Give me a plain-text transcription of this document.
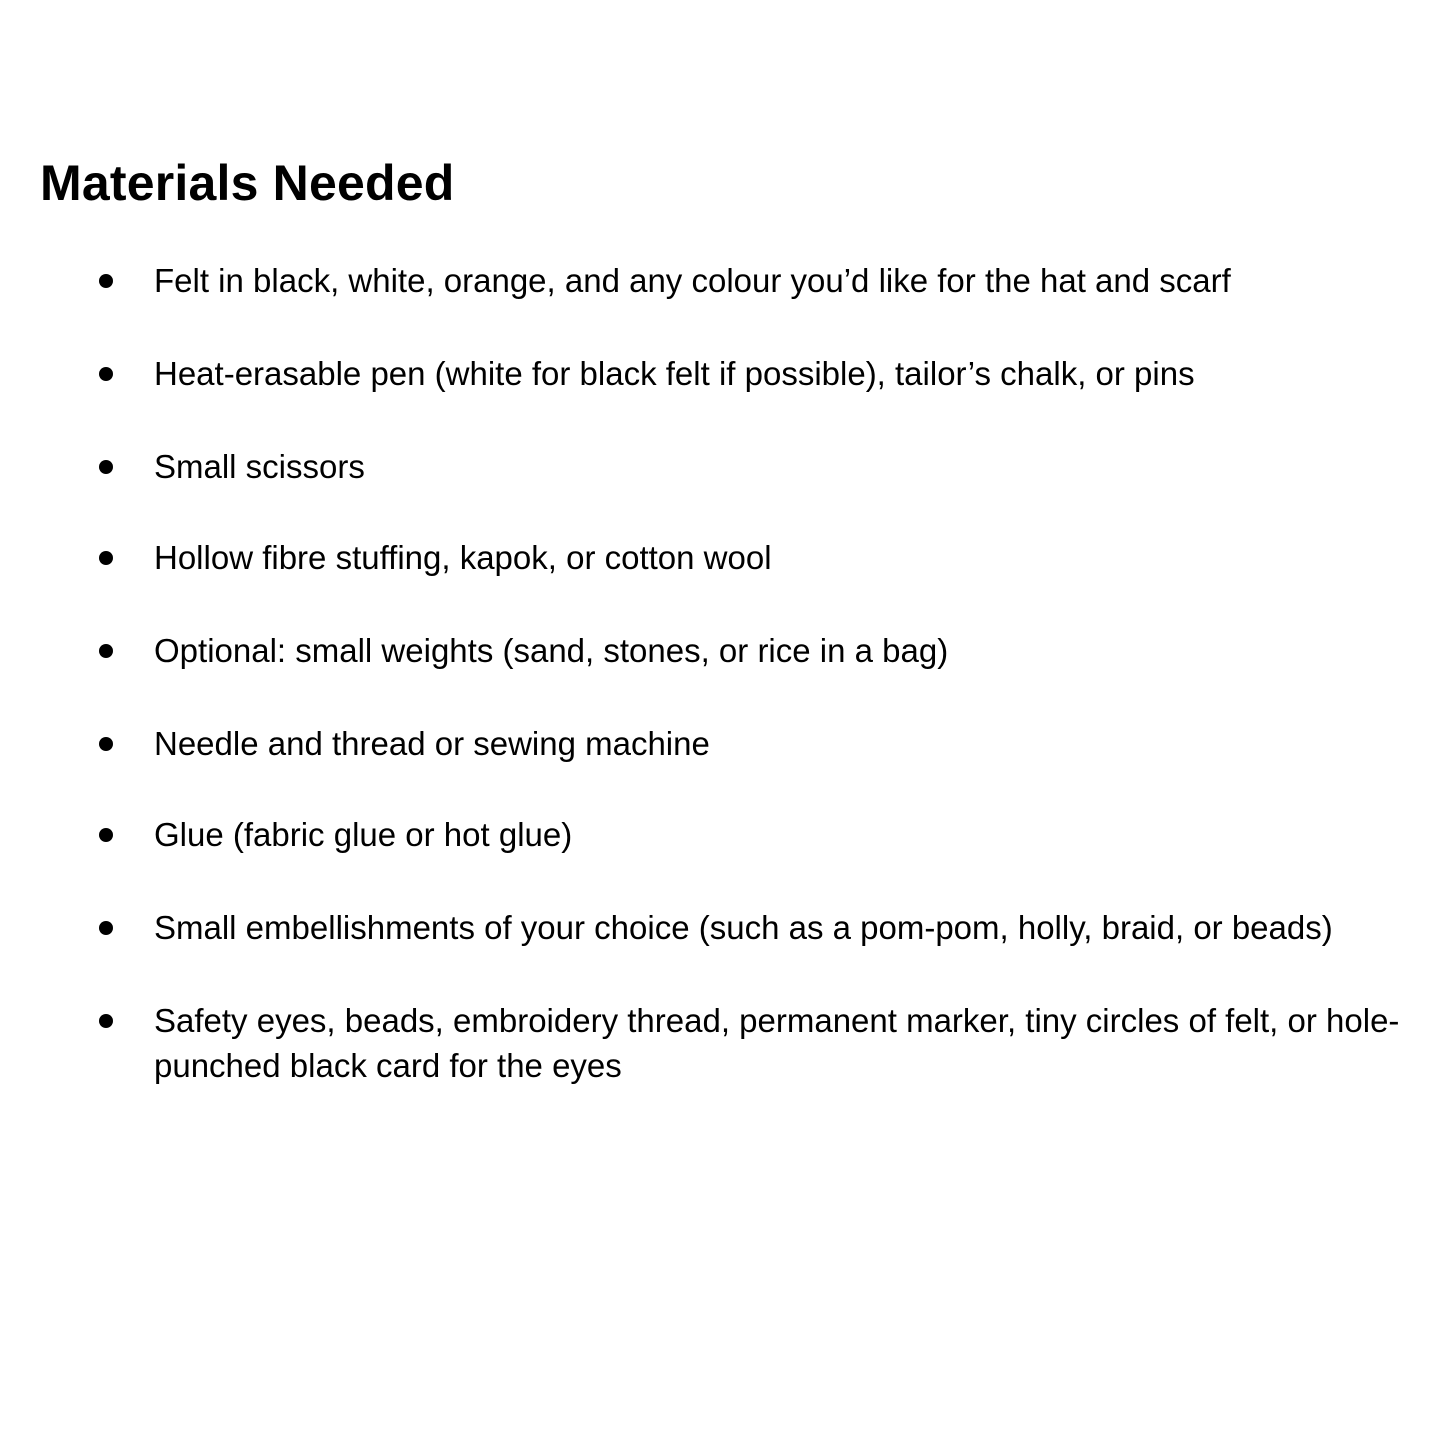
Materials Needed
Felt in black, white, orange, and any colour you’d like for the hat and scarf
Heat-erasable pen (white for black felt if possible), tailor’s chalk, or pins
Small scissors
Hollow fibre stuffing, kapok, or cotton wool
Optional: small weights (sand, stones, or rice in a bag)
Needle and thread or sewing machine
Glue (fabric glue or hot glue)
Small embellishments of your choice (such as a pom-pom, holly, braid, or beads)
Safety eyes, beads, embroidery thread, permanent marker, tiny circles of felt, or hole-punched black card for the eyes
